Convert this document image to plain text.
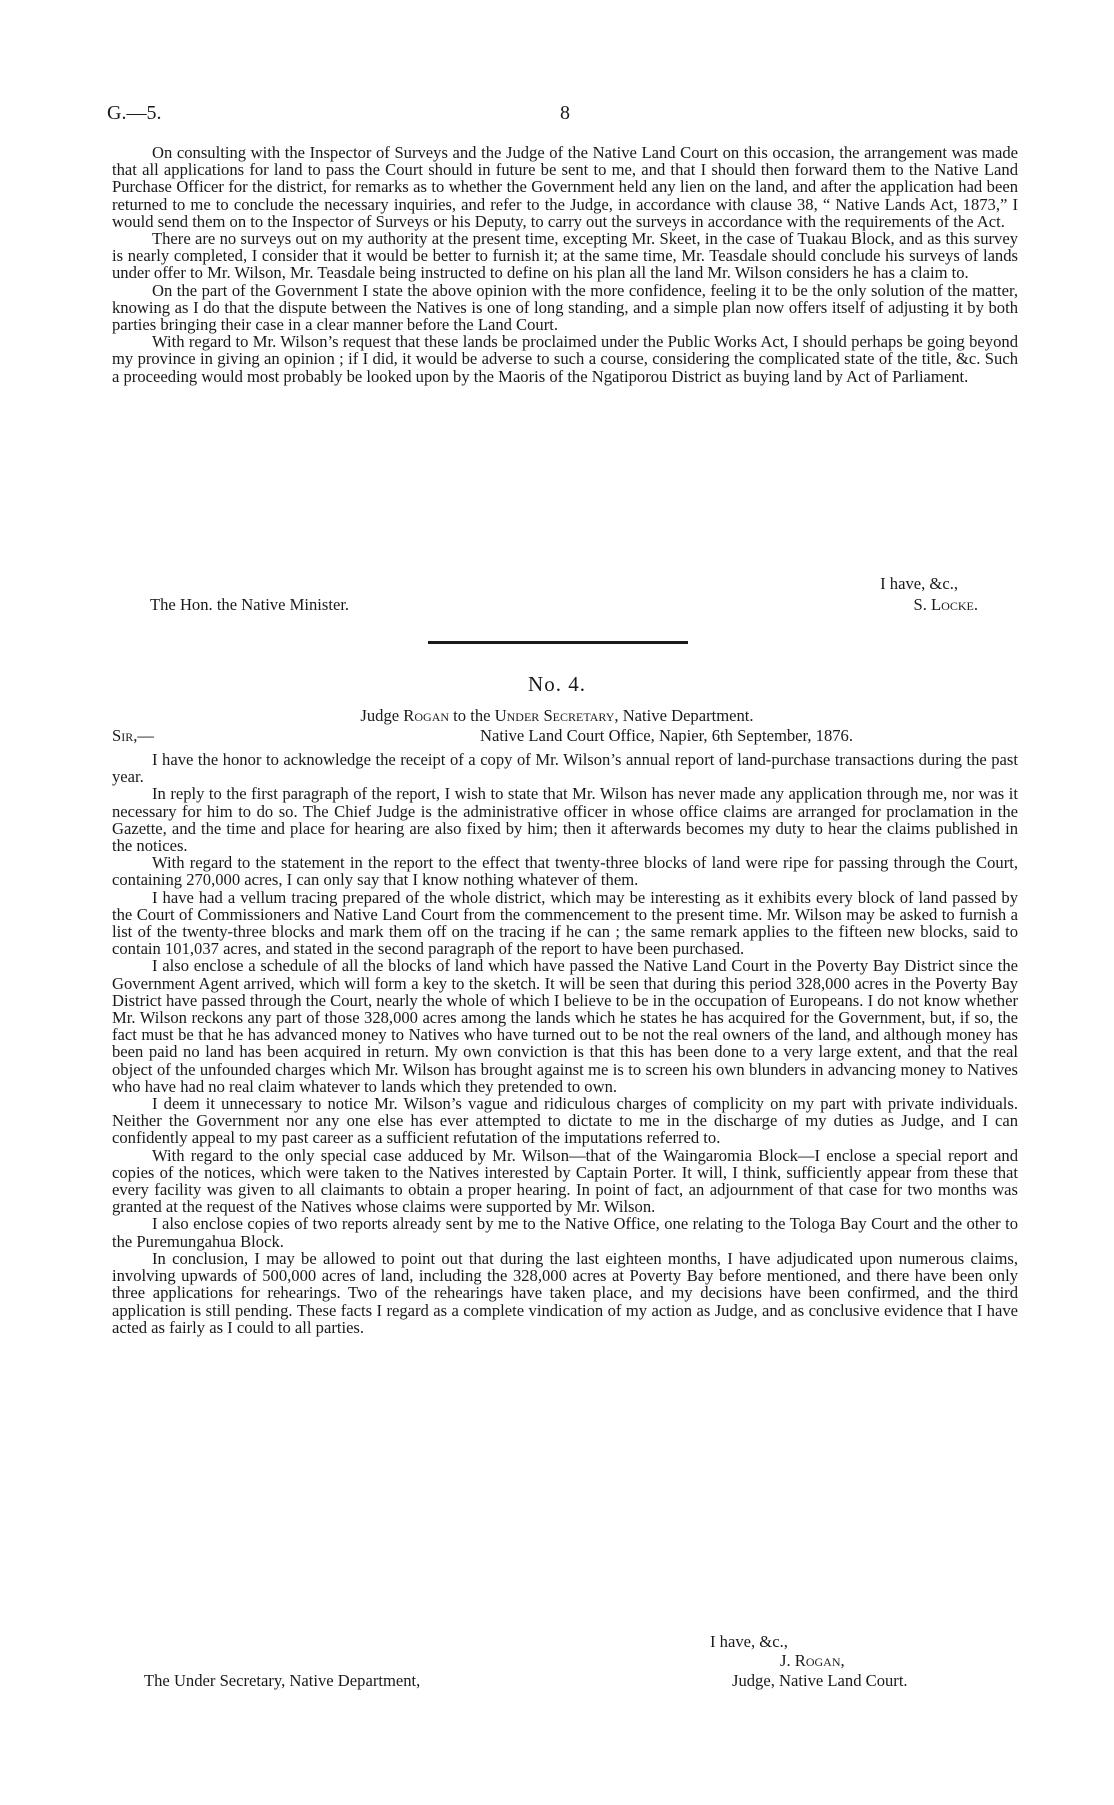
G.—5.	8

On consulting with the Inspector of Surveys and the Judge of the Native Land Court on this occasion, the arrangement was made that all applications for land to pass the Court should in future be sent to me, and that I should then forward them to the Native Land Purchase Officer for the district, for remarks as to whether the Government held any lien on the land, and after the application had been returned to me to conclude the necessary inquiries, and refer to the Judge, in accordance with clause 38, “ Native Lands Act, 1873,” I would send them on to the Inspector of Surveys or his Deputy, to carry out the surveys in accordance with the requirements of the Act.

There are no surveys out on my authority at the present time, excepting Mr. Skeet, in the case of Tuakau Block, and as this survey is nearly completed, I consider that it would be better to furnish it; at the same time, Mr. Teasdale should conclude his surveys of lands under offer to Mr. Wilson, Mr. Teasdale being instructed to define on his plan all the land Mr. Wilson considers he has a claim to.

On the part of the Government I state the above opinion with the more confidence, feeling it to be the only solution of the matter, knowing as I do that the dispute between the Natives is one of long standing, and a simple plan now offers itself of adjusting it by both parties bringing their case in a clear manner before the Land Court.

With regard to Mr. Wilson’s request that these lands be proclaimed under the Public Works Act, I should perhaps be going beyond my province in giving an opinion ; if I did, it would be adverse to such a course, considering the complicated state of the title, &c. Such a proceeding would most probably be looked upon by the Maoris of the Ngatiporou District as buying land by Act of Parliament.

I have, &c.,
The Hon. the Native Minister.	S. Locke.
No. 4.
Judge Rogan to the Under Secretary, Native Department.
Sir,—	Native Land Court Office, Napier, 6th September, 1876.

I have the honor to acknowledge the receipt of a copy of Mr. Wilson’s annual report of land-purchase transactions during the past year.

In reply to the first paragraph of the report, I wish to state that Mr. Wilson has never made any application through me, nor was it necessary for him to do so. The Chief Judge is the administrative officer in whose office claims are arranged for proclamation in the Gazette, and the time and place for hearing are also fixed by him; then it afterwards becomes my duty to hear the claims published in the notices.

With regard to the statement in the report to the effect that twenty-three blocks of land were ripe for passing through the Court, containing 270,000 acres, I can only say that I know nothing whatever of them.

I have had a vellum tracing prepared of the whole district, which may be interesting as it exhibits every block of land passed by the Court of Commissioners and Native Land Court from the commencement to the present time. Mr. Wilson may be asked to furnish a list of the twenty-three blocks and mark them off on the tracing if he can ; the same remark applies to the fifteen new blocks, said to contain 101,037 acres, and stated in the second paragraph of the report to have been purchased.

I also enclose a schedule of all the blocks of land which have passed the Native Land Court in the Poverty Bay District since the Government Agent arrived, which will form a key to the sketch. It will be seen that during this period 328,000 acres in the Poverty Bay District have passed through the Court, nearly the whole of which I believe to be in the occupation of Europeans. I do not know whether Mr. Wilson reckons any part of those 328,000 acres among the lands which he states he has acquired for the Government, but, if so, the fact must be that he has advanced money to Natives who have turned out to be not the real owners of the land, and although money has been paid no land has been acquired in return. My own conviction is that this has been done to a very large extent, and that the real object of the unfounded charges which Mr. Wilson has brought against me is to screen his own blunders in advancing money to Natives who have had no real claim whatever to lands which they pretended to own.

I deem it unnecessary to notice Mr. Wilson’s vague and ridiculous charges of complicity on my part with private individuals. Neither the Government nor any one else has ever attempted to dictate to me in the discharge of my duties as Judge, and I can confidently appeal to my past career as a sufficient refutation of the imputations referred to.

With regard to the only special case adduced by Mr. Wilson—that of the Waingaromia Block—I enclose a special report and copies of the notices, which were taken to the Natives interested by Captain Porter. It will, I think, sufficiently appear from these that every facility was given to all claimants to obtain a proper hearing. In point of fact, an adjournment of that case for two months was granted at the request of the Natives whose claims were supported by Mr. Wilson.

I also enclose copies of two reports already sent by me to the Native Office, one relating to the Tologa Bay Court and the other to the Puremungahua Block.

In conclusion, I may be allowed to point out that during the last eighteen months, I have adjudicated upon numerous claims, involving upwards of 500,000 acres of land, including the 328,000 acres at Poverty Bay before mentioned, and there have been only three applications for rehearings. Two of the rehearings have taken place, and my decisions have been confirmed, and the third application is still pending. These facts I regard as a complete vindication of my action as Judge, and as conclusive evidence that I have acted as fairly as I could to all parties.

I have, &c.,
J. Rogan,
The Under Secretary, Native Department,	Judge, Native Land Court.
